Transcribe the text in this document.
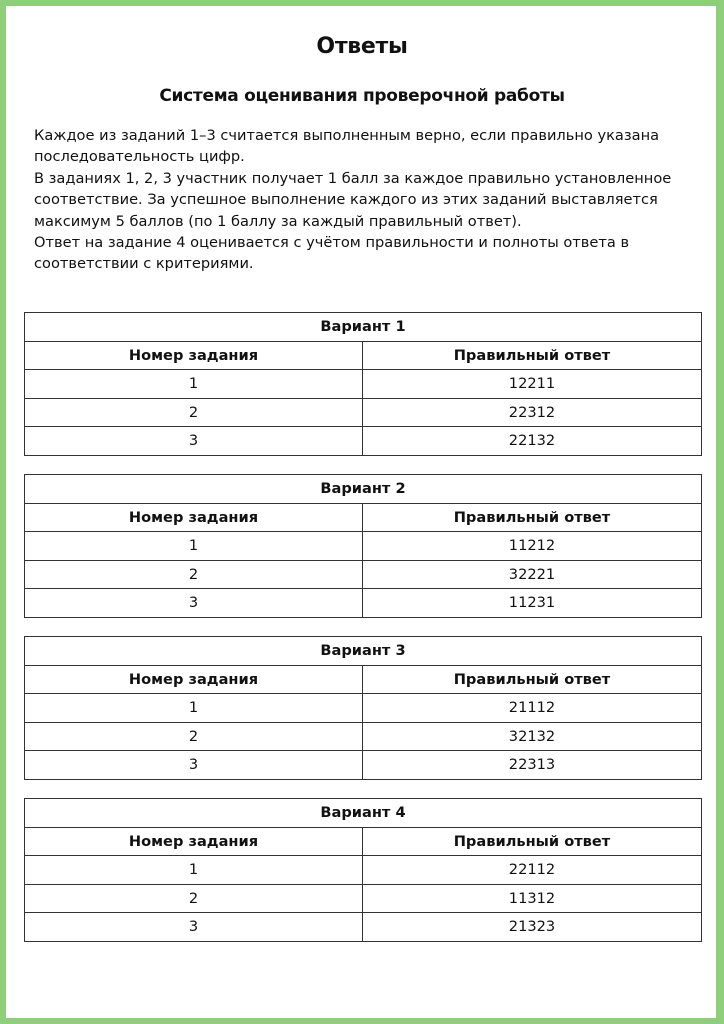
Ответы
Система оценивания проверочной работы

Каждое из заданий 1–3 считается выполненным верно, если правильно указана последовательность цифр.

В заданиях 1, 2, 3 участник получает 1 балл за каждое правильно установленное соответствие. За успешное выполнение каждого из этих заданий выставляется максимум 5 баллов (по 1 баллу за каждый правильный ответ).

Ответ на задание 4 оценивается с учётом правильности и полноты ответа в соответствии с критериями.

Вариант 1	
Номер задания	Правильный ответ
1	12211
2	22312
3	22132
Вариант 2	
Номер задания	Правильный ответ
1	11212
2	32221
3	11231
Вариант 3	
Номер задания	Правильный ответ
1	21112
2	32132
3	22313
Вариант 4	
Номер задания	Правильный ответ
1	22112
2	11312
3	21323
